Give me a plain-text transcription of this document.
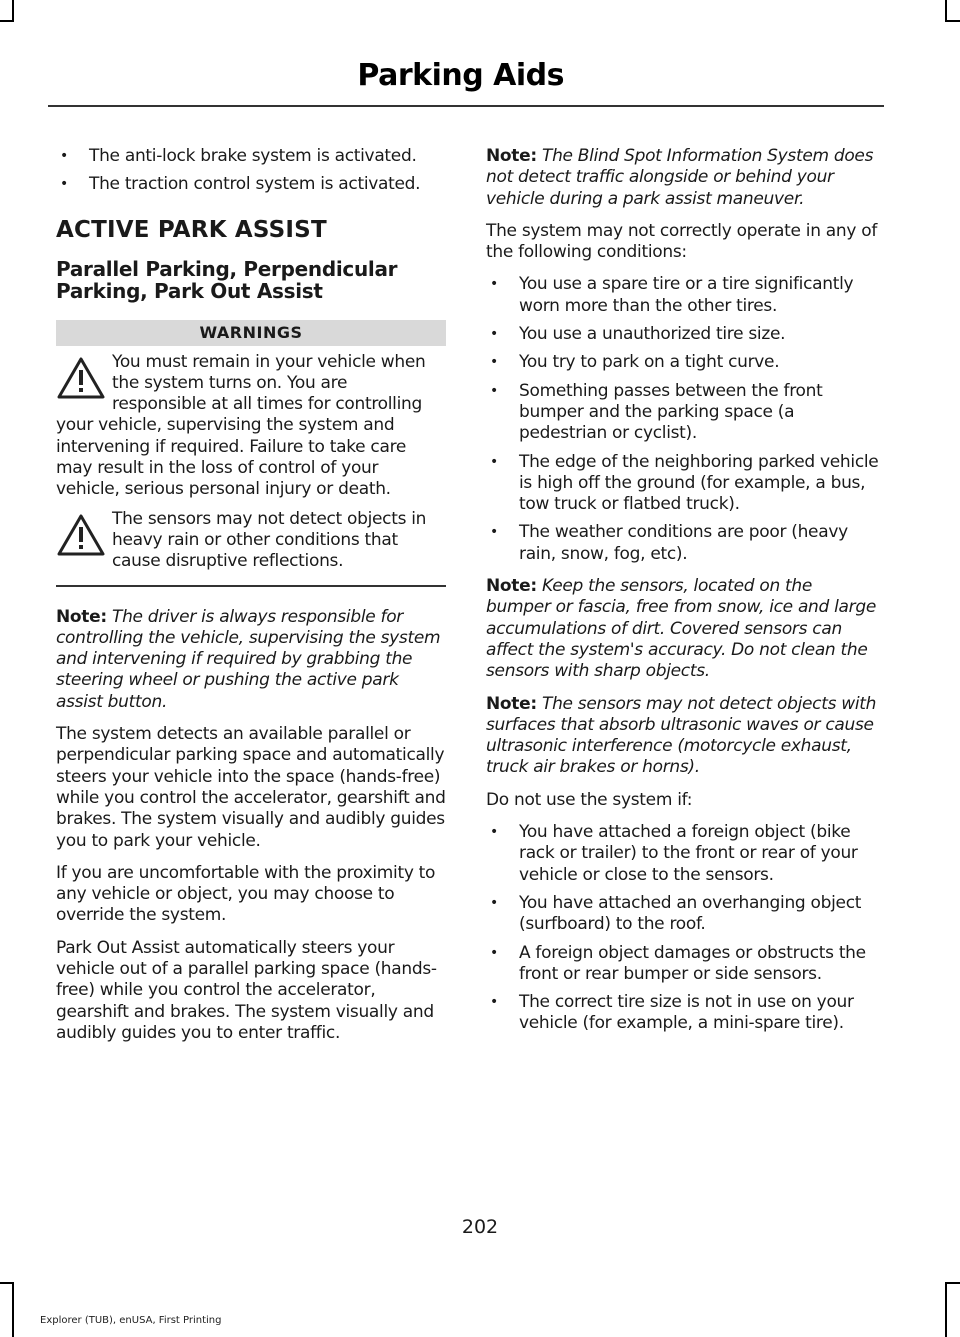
Parking Aids
• The anti-lock brake system is activated.
• The traction control system is activated.
ACTIVE PARK ASSIST
Parallel Parking, Perpendicular Parking, Park Out Assist
WARNINGS
You must remain in your vehicle when the system turns on. You are responsible at all times for controlling your vehicle, supervising the system and intervening if required. Failure to take care may result in the loss of control of your vehicle, serious personal injury or death.
The sensors may not detect objects in heavy rain or other conditions that cause disruptive reflections.

Note: The driver is always responsible for controlling the vehicle, supervising the system and intervening if required by grabbing the steering wheel or pushing the active park assist button.

The system detects an available parallel or perpendicular parking space and automatically steers your vehicle into the space (hands-free) while you control the accelerator, gearshift and brakes. The system visually and audibly guides you to park your vehicle.

If you are uncomfortable with the proximity to any vehicle or object, you may choose to override the system.

Park Out Assist automatically steers your vehicle out of a parallel parking space (hands-free) while you control the accelerator, gearshift and brakes. The system visually and audibly guides you to enter traffic.

Note: The Blind Spot Information System does not detect traffic alongside or behind your vehicle during a park assist maneuver.

The system may not correctly operate in any of the following conditions:

• You use a spare tire or a tire significantly worn more than the other tires.
• You use a unauthorized tire size.
• You try to park on a tight curve.
• Something passes between the front bumper and the parking space (a pedestrian or cyclist).
• The edge of the neighboring parked vehicle is high off the ground (for example, a bus, tow truck or flatbed truck).
• The weather conditions are poor (heavy rain, snow, fog, etc).

Note: Keep the sensors, located on the bumper or fascia, free from snow, ice and large accumulations of dirt. Covered sensors can affect the system's accuracy. Do not clean the sensors with sharp objects.

Note: The sensors may not detect objects with surfaces that absorb ultrasonic waves or cause ultrasonic interference (motorcycle exhaust, truck air brakes or horns).

Do not use the system if:

• You have attached a foreign object (bike rack or trailer) to the front or rear of your vehicle or close to the sensors.
• You have attached an overhanging object (surfboard) to the roof.
• A foreign object damages or obstructs the front or rear bumper or side sensors.
• The correct tire size is not in use on your vehicle (for example, a mini-spare tire).
202
Explorer (TUB), enUSA, First Printing
